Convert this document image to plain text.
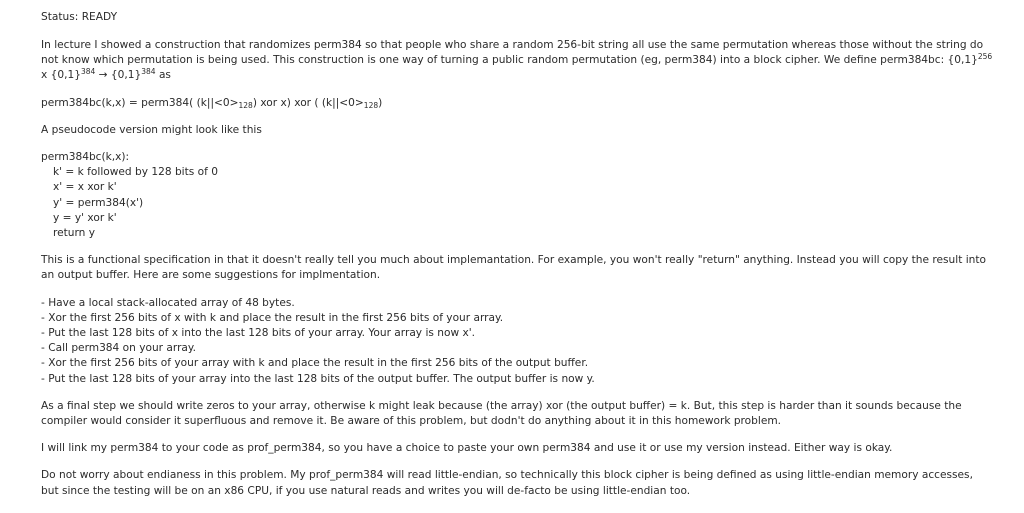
Status: READY

In lecture I showed a construction that randomizes perm384 so that people who share a random 256-bit string all use the same permutation whereas those without the string do not know which permutation is being used. This construction is one way of turning a public random permutation (eg, perm384) into a block cipher. We define perm384bc: $\{0,1\}^{256}$ x $\{0,1\}^{384} \to \{0,1\}^{384}$ as

perm384bc(k,x) = perm384( $(k||<0>_{128})$ xor x) xor ( $(k||<0>_{128})$

A pseudocode version might look like this

perm384bc(k,x):
k' = k followed by 128 bits of 0
x' = x xor k'
y' = perm384(x')
y = y' xor k'
return y

This is a functional specification in that it doesn't really tell you much about implemantation. For example, you won't really "return" anything. Instead you will copy the result into an output buffer. Here are some suggestions for implmentation.

- Have a local stack-allocated array of 48 bytes.
- Xor the first 256 bits of x with k and place the result in the first 256 bits of your array.
- Put the last 128 bits of x into the last 128 bits of your array. Your array is now x'.
- Call perm384 on your array.
- Xor the first 256 bits of your array with k and place the result in the first 256 bits of the output buffer.
- Put the last 128 bits of your array into the last 128 bits of the output buffer. The output buffer is now y.

As a final step we should write zeros to your array, otherwise k might leak because (the array) xor (the output buffer) = k. But, this step is harder than it sounds because the compiler would consider it superfluous and remove it. Be aware of this problem, but dodn't do anything about it in this homework problem.

I will link my perm384 to your code as prof_perm384, so you have a choice to paste your own perm384 and use it or use my version instead. Either way is okay.

Do not worry about endianess in this problem. My prof_perm384 will read little-endian, so technically this block cipher is being defined as using little-endian memory accesses, but since the testing will be on an x86 CPU, if you use natural reads and writes you will de-facto be using little-endian too.
